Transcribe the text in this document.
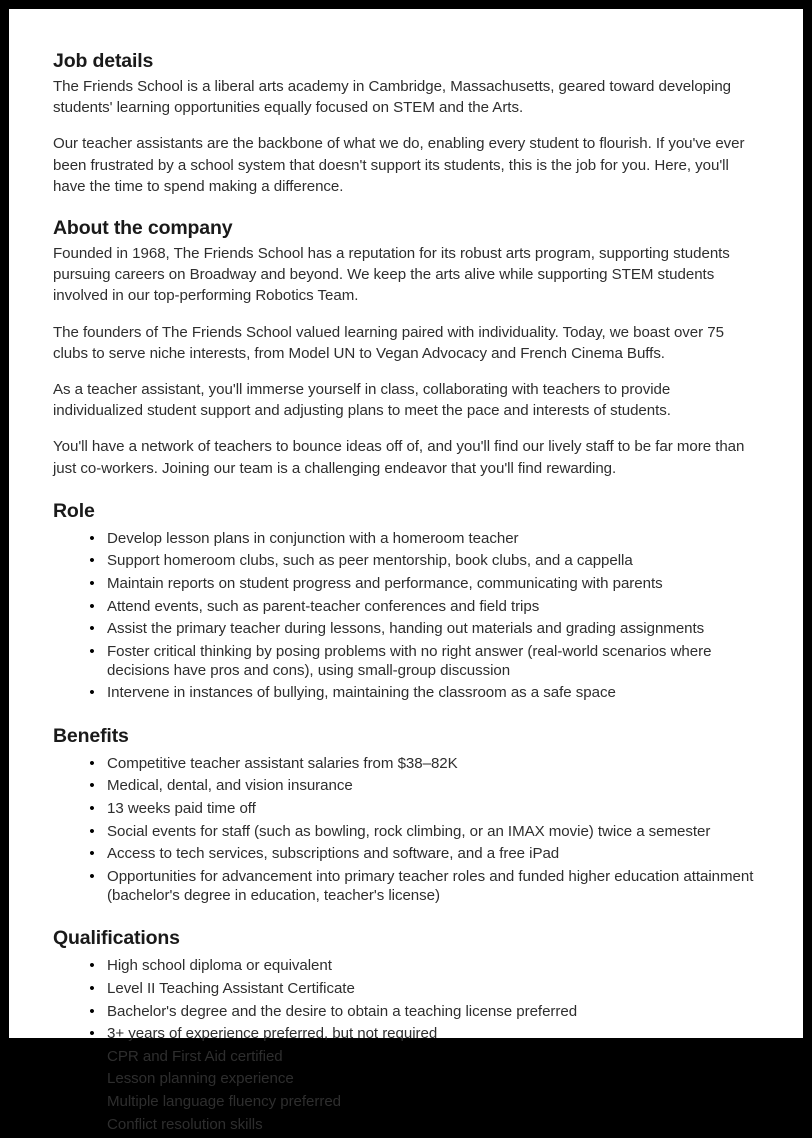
Job details

The Friends School is a liberal arts academy in Cambridge, Massachusetts, geared toward developing students' learning opportunities equally focused on STEM and the Arts.

Our teacher assistants are the backbone of what we do, enabling every student to flourish. If you've ever been frustrated by a school system that doesn't support its students, this is the job for you. Here, you'll have the time to spend making a difference.

About the company

Founded in 1968, The Friends School has a reputation for its robust arts program, supporting students pursuing careers on Broadway and beyond. We keep the arts alive while supporting STEM students involved in our top-performing Robotics Team.

The founders of The Friends School valued learning paired with individuality. Today, we boast over 75 clubs to serve niche interests, from Model UN to Vegan Advocacy and French Cinema Buffs.

As a teacher assistant, you'll immerse yourself in class, collaborating with teachers to provide individualized student support and adjusting plans to meet the pace and interests of students.

You'll have a network of teachers to bounce ideas off of, and you'll find our lively staff to be far more than just co-workers. Joining our team is a challenging endeavor that you'll find rewarding.

Role
• Develop lesson plans in conjunction with a homeroom teacher
• Support homeroom clubs, such as peer mentorship, book clubs, and a cappella
• Maintain reports on student progress and performance, communicating with parents
• Attend events, such as parent-teacher conferences and field trips
• Assist the primary teacher during lessons, handing out materials and grading assignments
• Foster critical thinking by posing problems with no right answer (real-world scenarios where decisions have pros and cons), using small-group discussion
• Intervene in instances of bullying, maintaining the classroom as a safe space
Benefits
• Competitive teacher assistant salaries from $38–82K
• Medical, dental, and vision insurance
• 13 weeks paid time off
• Social events for staff (such as bowling, rock climbing, or an IMAX movie) twice a semester
• Access to tech services, subscriptions and software, and a free iPad
• Opportunities for advancement into primary teacher roles and funded higher education attainment (bachelor's degree in education, teacher's license)
Qualifications
• High school diploma or equivalent
• Level II Teaching Assistant Certificate
• Bachelor's degree and the desire to obtain a teaching license preferred
• 3+ years of experience preferred, but not required
• CPR and First Aid certified
• Lesson planning experience
• Multiple language fluency preferred
• Conflict resolution skills
